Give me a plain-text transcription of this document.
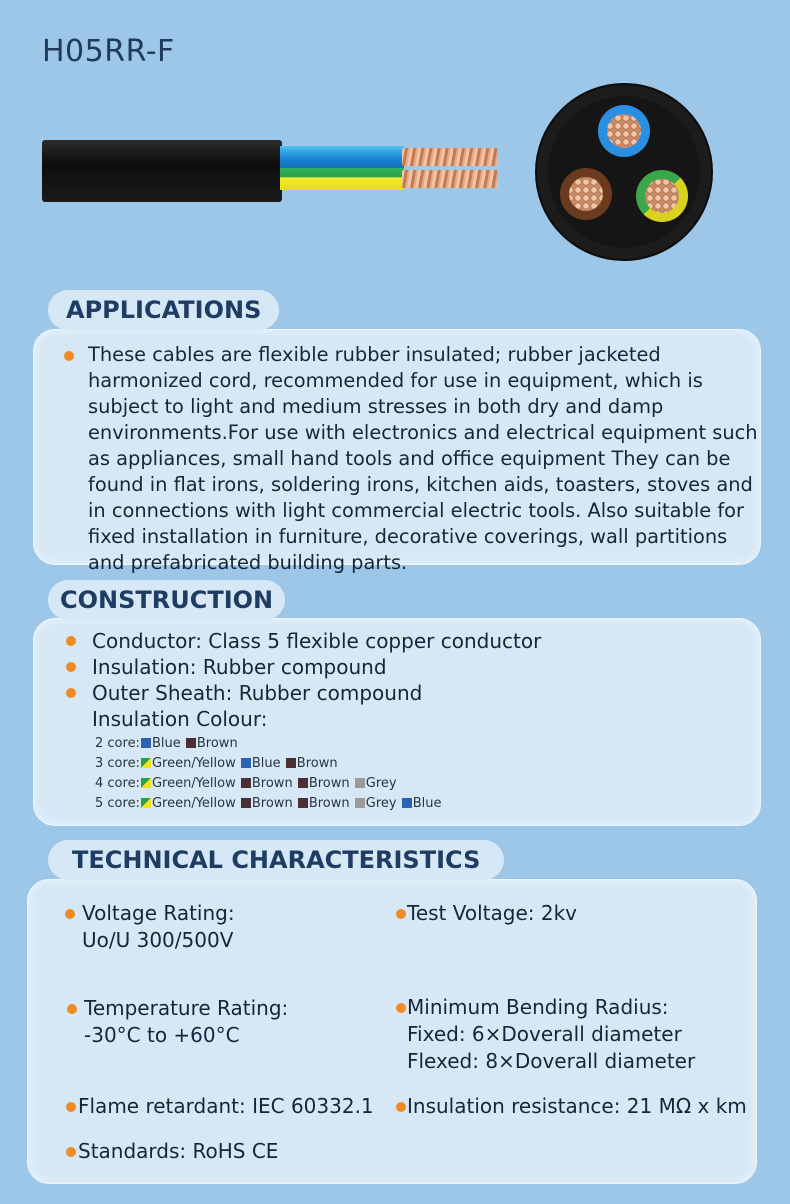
H05RR-F
APPLICATIONS
These cables are flexible rubber insulated; rubber jacketed harmonized cord, recommended for use in equipment, which is subject to light and medium stresses in both dry and damp environments.For use with electronics and electrical equipment such as appliances, small hand tools and office equipment They can be found in flat irons, soldering irons, kitchen aids, toasters, stoves and in connections with light commercial electric tools. Also suitable for fixed installation in furniture, decorative coverings, wall partitions and prefabricated building parts.
CONSTRUCTION
Conductor: Class 5 flexible copper conductor
Insulation: Rubber compound
Outer Sheath: Rubber compound
Insulation Colour:
2 core: Blue Brown
3 core: Green/Yellow Blue Brown
4 core: Green/Yellow Brown Brown Grey
5 core: Green/Yellow Brown Brown Grey Blue
TECHNICAL CHARACTERISTICS
Voltage Rating:
Uo/U 300/500V
Test Voltage: 2kv
Temperature Rating:
-30°C to +60°C
Minimum Bending Radius:
Fixed: 6×Doverall diameter
Flexed: 8×Doverall diameter
Flame retardant: IEC 60332.1 Insulation resistance: 21 MΩ x km
Standards: RoHS CE
